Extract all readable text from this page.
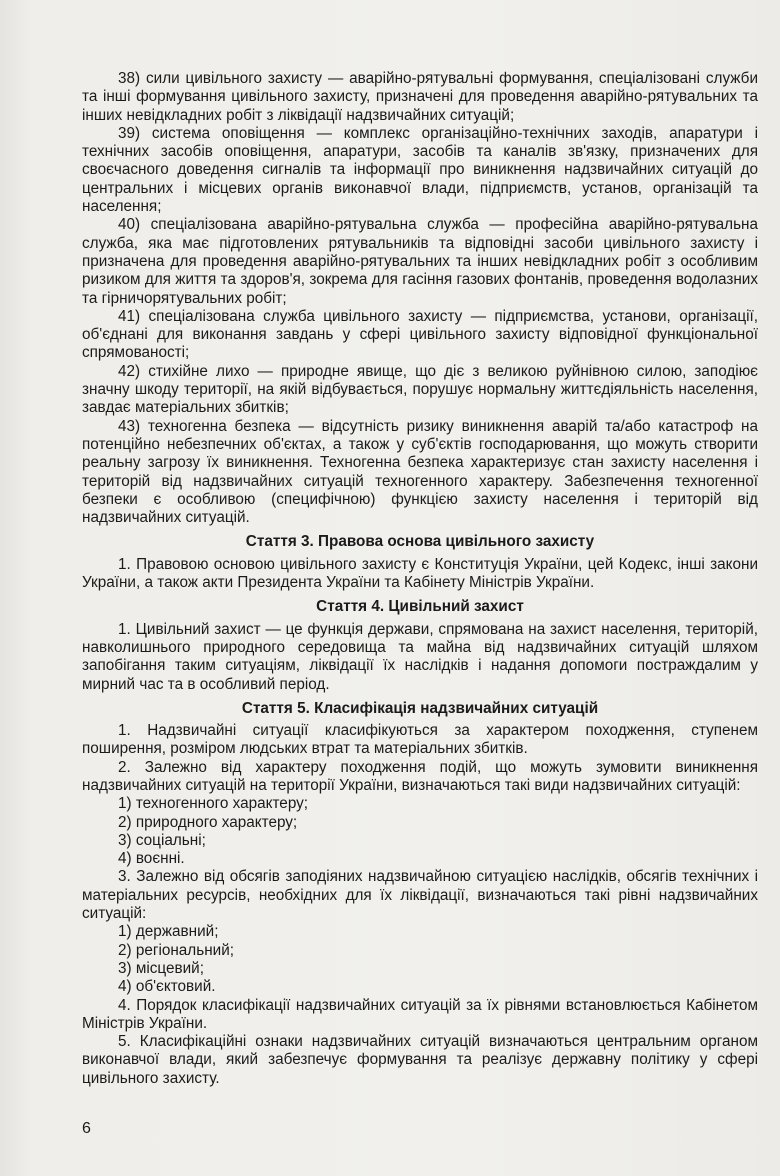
38) сили цивільного захисту — аварійно-рятувальні формування, спеціалізовані служби та інші формування цивільного захисту, призначені для проведення аварійно-рятувальних та інших невідкладних робіт з ліквідації надзвичайних ситуацій;

39) система оповіщення — комплекс організаційно-технічних заходів, апаратури і технічних засобів оповіщення, апаратури, засобів та каналів зв'язку, призначених для своєчасного доведення сигналів та інформації про виникнення надзвичайних ситуацій до центральних і місцевих органів виконавчої влади, підприємств, установ, організацій та населення;

40) спеціалізована аварійно-рятувальна служба — професійна аварійно-рятувальна служба, яка має підготовлених рятувальників та відповідні засоби цивільного захисту і призначена для проведення аварійно-рятувальних та інших невідкладних робіт з особливим ризиком для життя та здоров'я, зокрема для гасіння газових фонтанів, проведення водолазних та гірничорятувальних робіт;

41) спеціалізована служба цивільного захисту — підприємства, установи, організації, об'єднані для виконання завдань у сфері цивільного захисту відповідної функціональної спрямованості;

42) стихійне лихо — природне явище, що діє з великою руйнівною силою, заподіює значну шкоду території, на якій відбувається, порушує нормальну життєдіяльність населення, завдає матеріальних збитків;

43) техногенна безпека — відсутність ризику виникнення аварій та/або катастроф на потенційно небезпечних об'єктах, а також у суб'єктів господарювання, що можуть створити реальну загрозу їх виникнення. Техногенна безпека характеризує стан захисту населення і територій від надзвичайних ситуацій техногенного характеру. Забезпечення техногенної безпеки є особливою (специфічною) функцією захисту населення і територій від надзвичайних ситуацій.

Стаття 3. Правова основа цивільного захисту

1. Правовою основою цивільного захисту є Конституція України, цей Кодекс, інші закони України, а також акти Президента України та Кабінету Міністрів України.

Стаття 4. Цивільний захист

1. Цивільний захист — це функція держави, спрямована на захист населення, територій, навколишнього природного середовища та майна від надзвичайних ситуацій шляхом запобігання таким ситуаціям, ліквідації їх наслідків і надання допомоги постраждалим у мирний час та в особливий період.

Стаття 5. Класифікація надзвичайних ситуацій

1. Надзвичайні ситуації класифікуються за характером походження, ступенем поширення, розміром людських втрат та матеріальних збитків.

2. Залежно від характеру походження подій, що можуть зумовити виникнення надзвичайних ситуацій на території України, визначаються такі види надзвичайних ситуацій:

1) техногенного характеру;

2) природного характеру;

3) соціальні;

4) воєнні.

3. Залежно від обсягів заподіяних надзвичайною ситуацією наслідків, обсягів технічних і матеріальних ресурсів, необхідних для їх ліквідації, визначаються такі рівні надзвичайних ситуацій:

1) державний;

2) регіональний;

3) місцевий;

4) об'єктовий.

4. Порядок класифікації надзвичайних ситуацій за їх рівнями встановлюється Кабінетом Міністрів України.

5. Класифікаційні ознаки надзвичайних ситуацій визначаються центральним органом виконавчої влади, який забезпечує формування та реалізує державну політику у сфері цивільного захисту.

6
